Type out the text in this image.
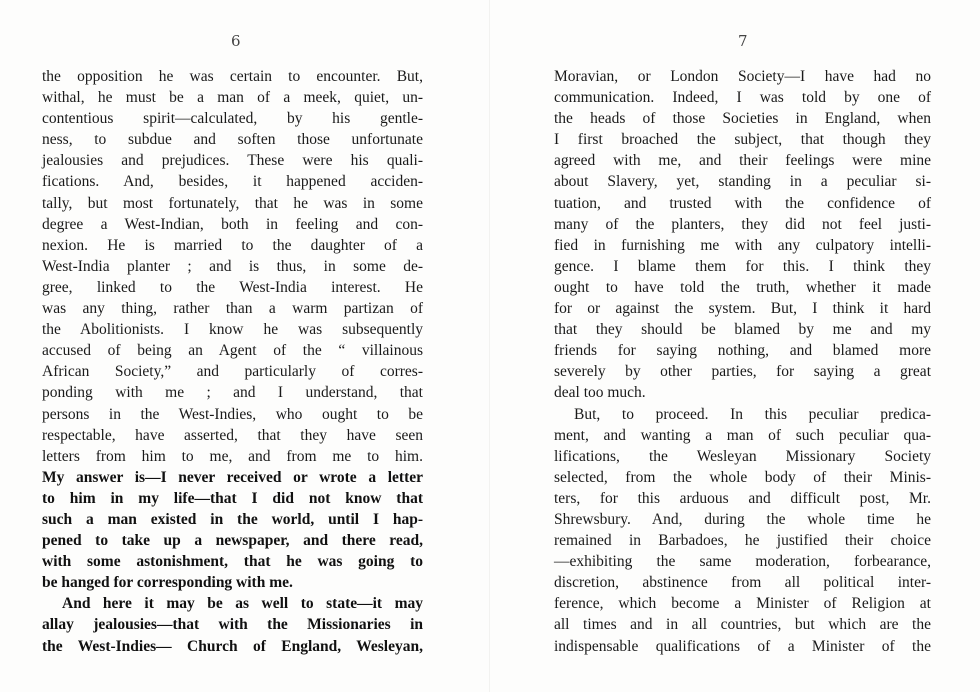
6
the opposition he was certain to encounter. But,
withal, he must be a man of a meek, quiet, un-
contentious spirit—calculated, by his gentle-
ness, to subdue and soften those unfortunate
jealousies and prejudices. These were his quali-
fications. And, besides, it happened acciden-
tally, but most fortunately, that he was in some
degree a West-Indian, both in feeling and con-
nexion. He is married to the daughter of a
West-India planter ; and is thus, in some de-
gree, linked to the West-India interest. He
was any thing, rather than a warm partizan of
the Abolitionists. I know he was subsequently
accused of being an Agent of the “ villainous
African Society,” and particularly of corres-
ponding with me ; and I understand, that
persons in the West-Indies, who ought to be
respectable, have asserted, that they have seen
letters from him to me, and from me to him.
My answer is—I never received or wrote a letter
to him in my life—that I did not know that
such a man existed in the world, until I hap-
pened to take up a newspaper, and there read,
with some astonishment, that he was going to
be hanged for corresponding with me.
And here it may be as well to state—it may
allay jealousies—that with the Missionaries in
the West-Indies— Church of England, Wesleyan,
7
Moravian, or London Society—I have had no
communication. Indeed, I was told by one of
the heads of those Societies in England, when
I first broached the subject, that though they
agreed with me, and their feelings were mine
about Slavery, yet, standing in a peculiar si-
tuation, and trusted with the confidence of
many of the planters, they did not feel justi-
fied in furnishing me with any culpatory intelli-
gence. I blame them for this. I think they
ought to have told the truth, whether it made
for or against the system. But, I think it hard
that they should be blamed by me and my
friends for saying nothing, and blamed more
severely by other parties, for saying a great
deal too much.
But, to proceed. In this peculiar predica-
ment, and wanting a man of such peculiar qua-
lifications, the Wesleyan Missionary Society
selected, from the whole body of their Minis-
ters, for this arduous and difficult post, Mr.
Shrewsbury. And, during the whole time he
remained in Barbadoes, he justified their choice
—exhibiting the same moderation, forbearance,
discretion, abstinence from all political inter-
ference, which become a Minister of Religion at
all times and in all countries, but which are the
indispensable qualifications of a Minister of the
